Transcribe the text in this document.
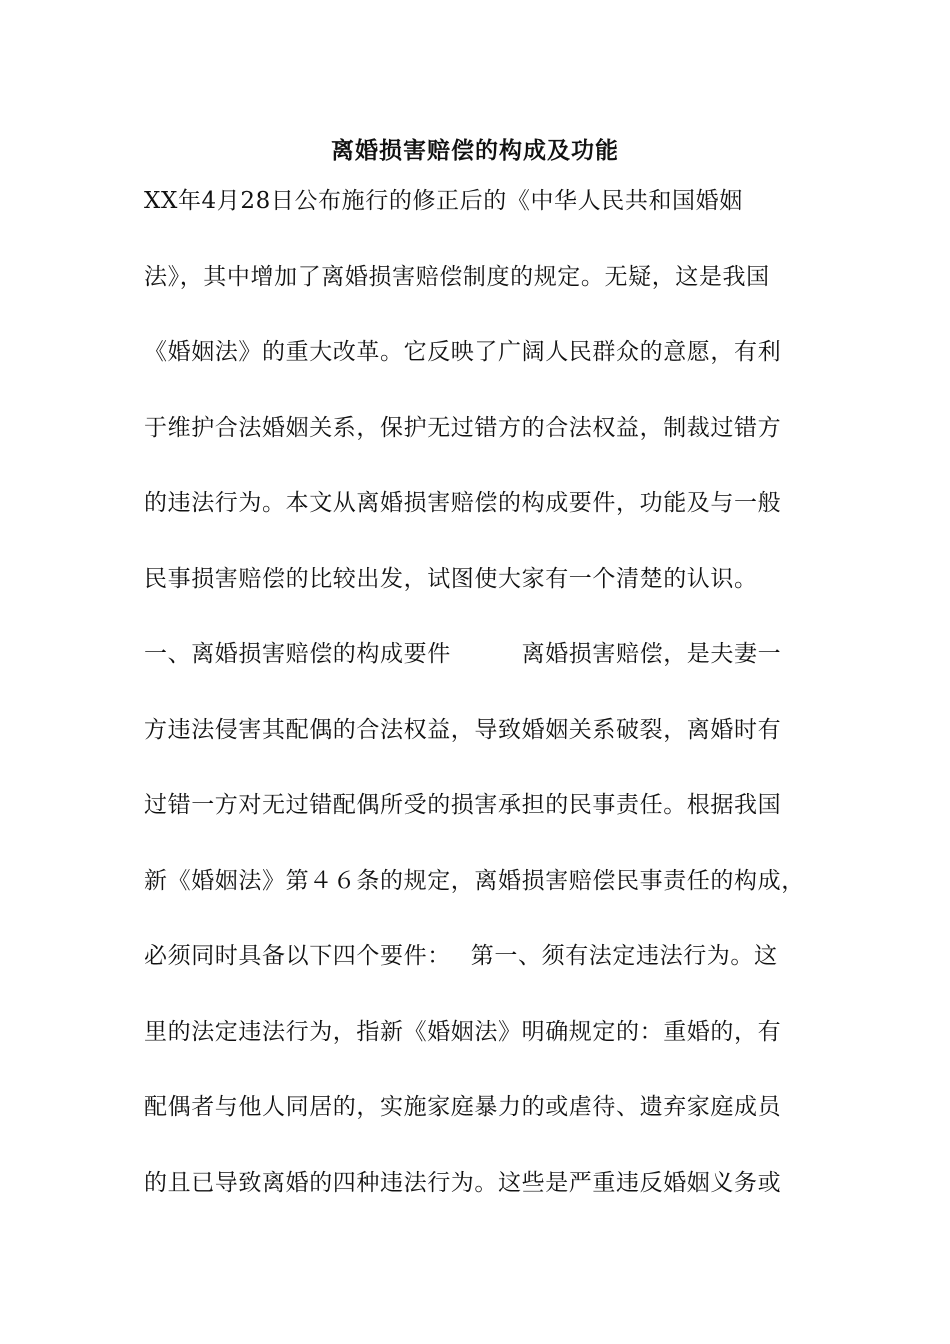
离婚损害赔偿的构成及功能
XX年4月28日公布施行的修正后的《中华人民共和国婚姻
法》，其中增加了离婚损害赔偿制度的规定。无疑，这是我国
《婚姻法》的重大改革。它反映了广阔人民群众的意愿，有利
于维护合法婚姻关系，保护无过错方的合法权益，制裁过错方
的违法行为。本文从离婚损害赔偿的构成要件，功能及与一般
民事损害赔偿的比较出发，试图使大家有一个清楚的认识。
一、离婚损害赔偿的构成要件　　　离婚损害赔偿，是夫妻一
方违法侵害其配偶的合法权益，导致婚姻关系破裂，离婚时有
过错一方对无过错配偶所受的损害承担的民事责任。根据我国
新《婚姻法》第４６条的规定，离婚损害赔偿民事责任的构成，
必须同时具备以下四个要件：　 第一、须有法定违法行为。这
里的法定违法行为，指新《婚姻法》明确规定的：重婚的，有
配偶者与他人同居的，实施家庭暴力的或虐待、遗弃家庭成员
的且已导致离婚的四种违法行为。这些是严重违反婚姻义务或
